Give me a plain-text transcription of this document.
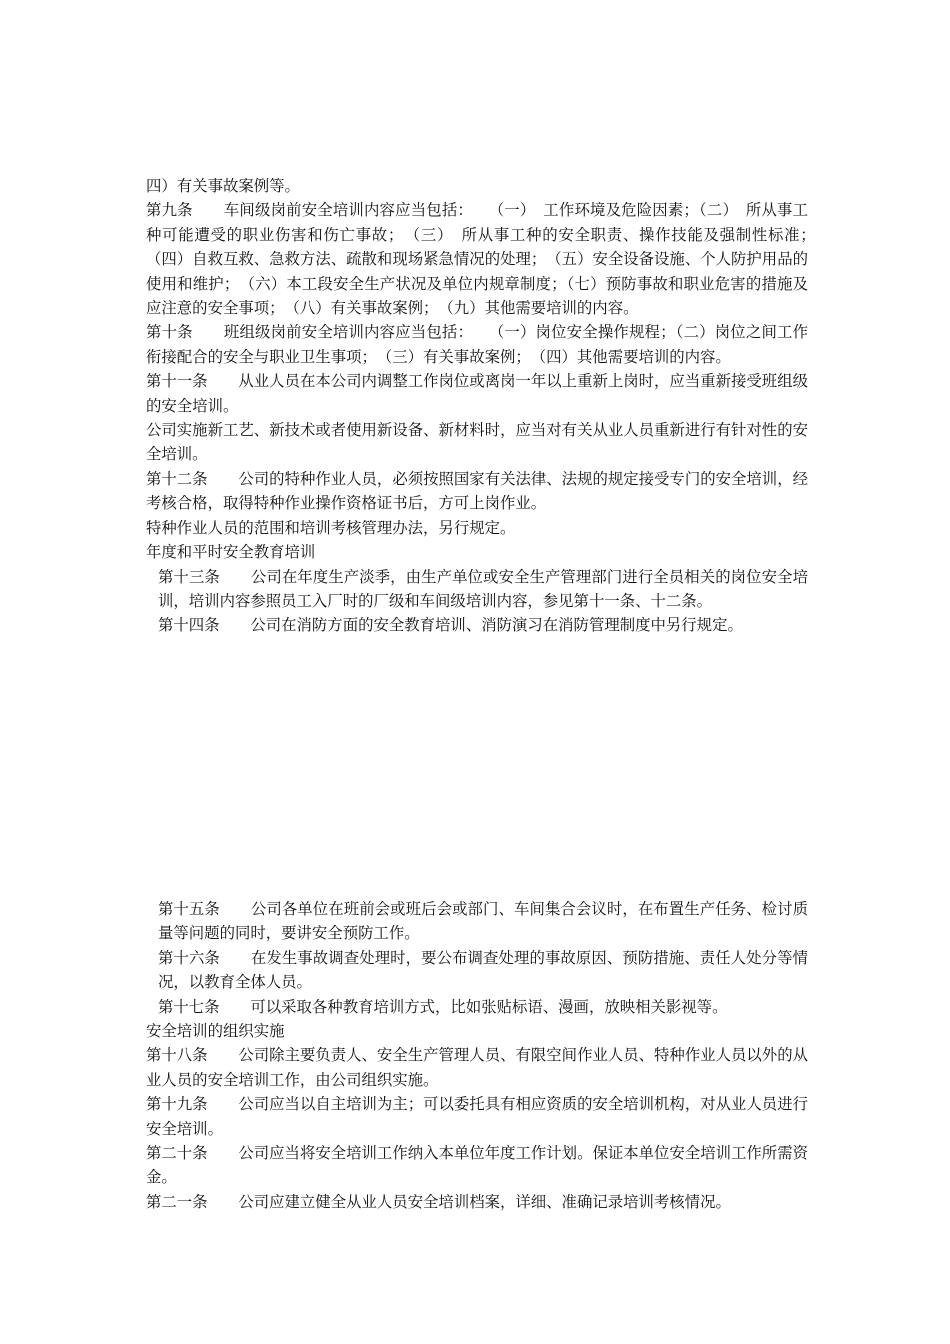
四）有关事故案例等。

第九条　　车间级岗前安全培训内容应当包括：　　（一）　工作环境及危险因素；（二）　所从事工种可能遭受的职业伤害和伤亡事故；　（三）　所从事工种的安全职责、操作技能及强制性标准；　（四）自救互救、急救方法、疏散和现场紧急情况的处理；　（五）安全设备设施、个人防护用品的使用和维护；　（六）本工段安全生产状况及单位内规章制度；（七）预防事故和职业危害的措施及应注意的安全事项；　（八）有关事故案例；　（九）其他需要培训的内容。

第十条　　班组级岗前安全培训内容应当包括：　　（一）岗位安全操作规程；（二）岗位之间工作衔接配合的安全与职业卫生事项；　（三）有关事故案例；　（四）其他需要培训的内容。

第十一条　　从业人员在本公司内调整工作岗位或离岗一年以上重新上岗时，应当重新接受班组级的安全培训。

公司实施新工艺、新技术或者使用新设备、新材料时，应当对有关从业人员重新进行有针对性的安全培训。

第十二条　　公司的特种作业人员，必须按照国家有关法律、法规的规定接受专门的安全培训，经考核合格，取得特种作业操作资格证书后，方可上岗作业。

特种作业人员的范围和培训考核管理办法，另行规定。

年度和平时安全教育培训

第十三条　　公司在年度生产淡季，由生产单位或安全生产管理部门进行全员相关的岗位安全培训，培训内容参照员工入厂时的厂级和车间级培训内容，参见第十一条、十二条。

第十四条　　公司在消防方面的安全教育培训、消防演习在消防管理制度中另行规定。

第十五条　　公司各单位在班前会或班后会或部门、车间集合会议时，在布置生产任务、检讨质量等问题的同时，要讲安全预防工作。

第十六条　　在发生事故调查处理时，要公布调查处理的事故原因、预防措施、责任人处分等情况，以教育全体人员。

第十七条　　可以采取各种教育培训方式，比如张贴标语、漫画，放映相关影视等。

安全培训的组织实施

第十八条　　公司除主要负责人、安全生产管理人员、有限空间作业人员、特种作业人员以外的从业人员的安全培训工作，由公司组织实施。

第十九条　　公司应当以自主培训为主；可以委托具有相应资质的安全培训机构，对从业人员进行安全培训。

第二十条　　公司应当将安全培训工作纳入本单位年度工作计划。保证本单位安全培训工作所需资金。

第二一条　　公司应建立健全从业人员安全培训档案，详细、准确记录培训考核情况。
